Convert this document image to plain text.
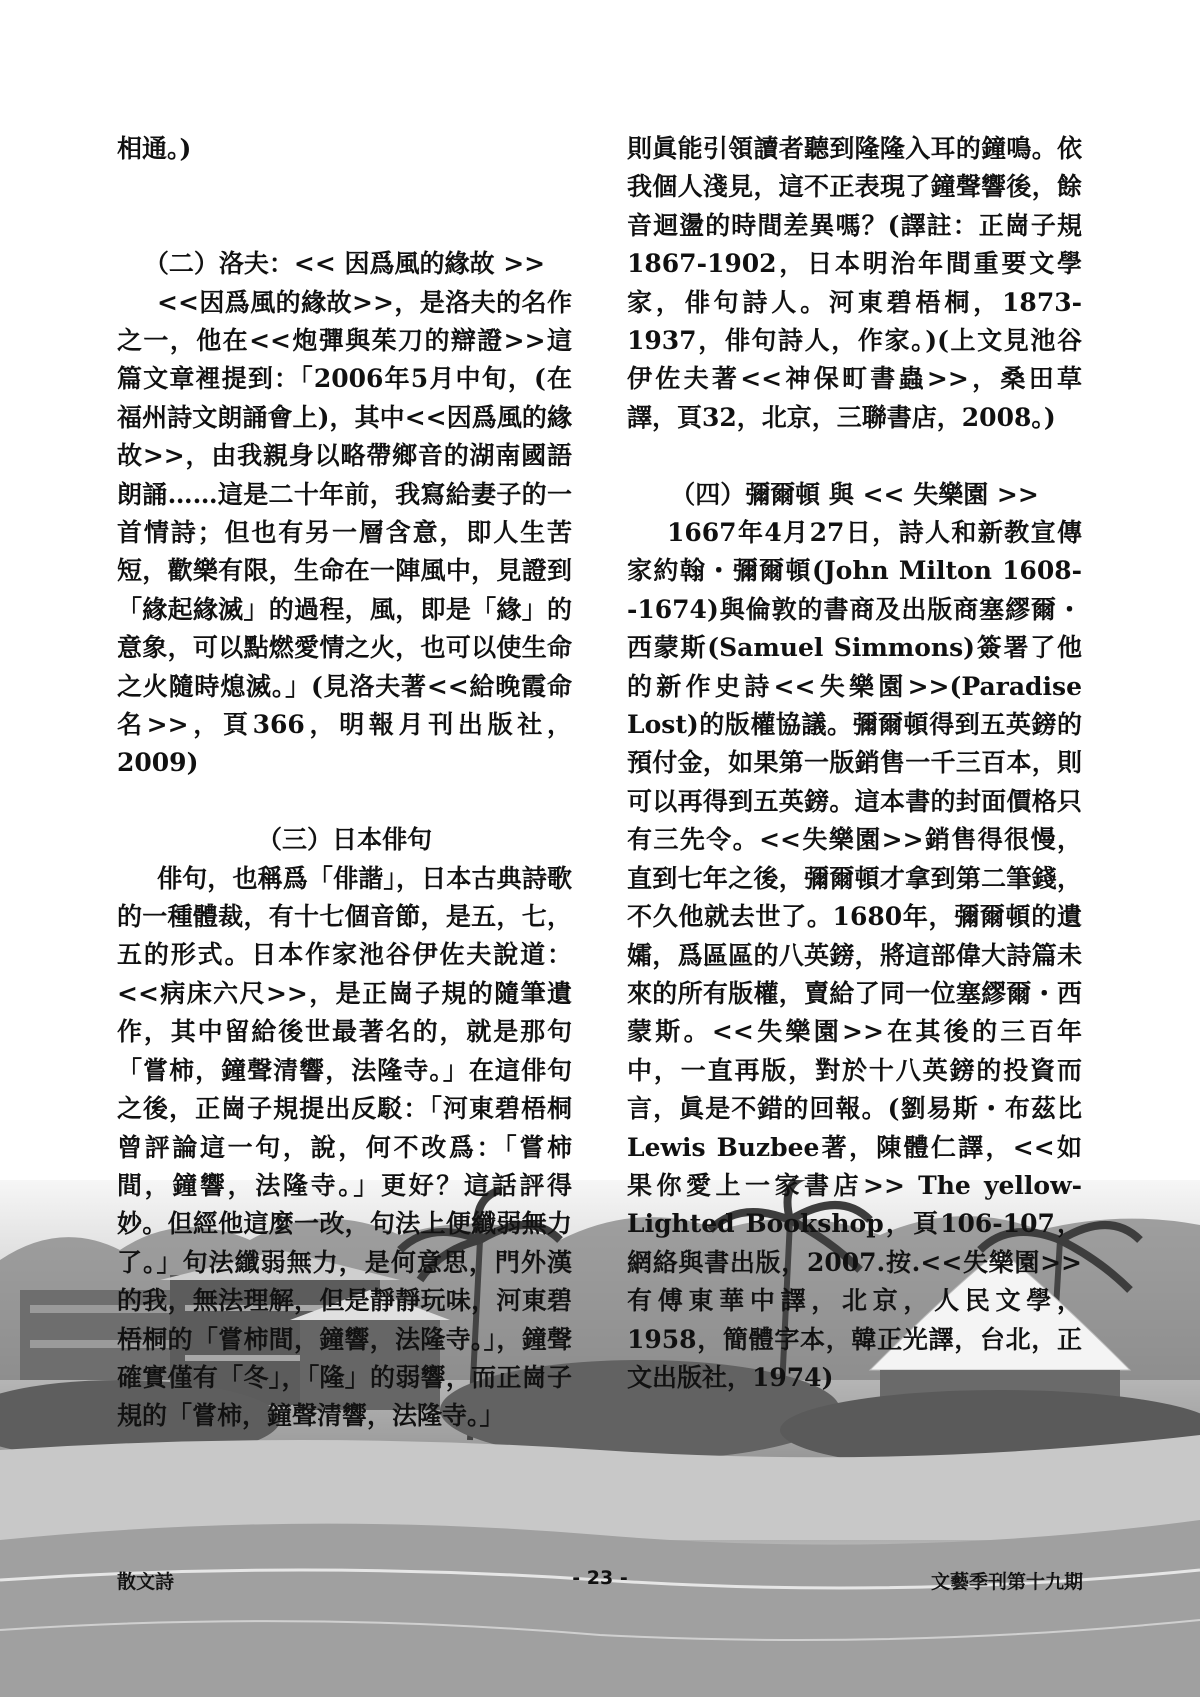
相通。)

（二）洛夫：<< 因爲風的緣故 >>

<<因爲風的緣故>>，是洛夫的名作之一，他在<<炮彈與茱刀的辯證>>這篇文章裡提到：「2006年5月中旬，(在福州詩文朗誦會上)，其中<<因爲風的緣故>>，由我親身以略帶鄉音的湖南國語朗誦……這是二十年前，我寫給妻子的一首情詩；但也有另一層含意，即人生苦短，歡樂有限，生命在一陣風中，見證到「緣起緣滅」的過程，風，即是「緣」的意象，可以點燃愛情之火，也可以使生命之火隨時熄滅。」(見洛夫著<<給晚霞命名>>，頁366，明報月刊出版社，2009)

（三）日本俳句

俳句，也稱爲「俳諧」，日本古典詩歌的一種體裁，有十七個音節，是五，七，五的形式。日本作家池谷伊佐夫說道：<<病床六尺>>，是正崗子規的隨筆遺作，其中留給後世最著名的，就是那句「嘗柿，鐘聲清響，法隆寺。」在這俳句之後，正崗子規提出反駁：「河東碧梧桐曾評論這一句，說，何不改爲：「嘗柿間，鐘響，法隆寺。」更好？這話評得妙。但經他這麼一改，句法上便纖弱無力了。」句法纖弱無力，是何意思，門外漢的我，無法理解，但是靜靜玩味，河東碧梧桐的「嘗柿間，鐘響，法隆寺。」，鐘聲確實僅有「冬」，「隆」的弱響，而正崗子規的「嘗柿，鐘聲清響，法隆寺。」

則眞能引領讀者聽到隆隆入耳的鐘鳴。依我個人淺見，這不正表現了鐘聲響後，餘音迴盪的時間差異嗎？(譯註：正崗子規1867-1902，日本明治年間重要文學家，俳句詩人。河東碧梧桐，1873-1937，俳句詩人，作家。)(上文見池谷伊佐夫著<<神保町書蟲>>，桑田草譯，頁32，北京，三聯書店，2008。)

（四）彌爾頓 與 << 失樂園 >>

1667年4月27日，詩人和新教宣傳家約翰・彌爾頓(John Milton 1608--1674)與倫敦的書商及出版商塞繆爾・西蒙斯(Samuel Simmons)簽署了他的新作史詩<<失樂園>>(Paradise Lost)的版權協議。彌爾頓得到五英鎊的預付金，如果第一版銷售一千三百本，則可以再得到五英鎊。這本書的封面價格只有三先令。<<失樂園>>銷售得很慢，直到七年之後，彌爾頓才拿到第二筆錢，不久他就去世了。1680年，彌爾頓的遺孀，爲區區的八英鎊，將這部偉大詩篇未來的所有版權，賣給了同一位塞繆爾・西蒙斯。<<失樂園>>在其後的三百年中，一直再版，對於十八英鎊的投資而言，眞是不錯的回報。(劉易斯・布茲比 Lewis Buzbee著，陳體仁譯，<<如果你愛上一家書店>> The yellow-Lighted Bookshop，頁106-107，網絡與書出版，2007.按.<<失樂園>>有傅東華中譯，北京，人民文學，1958，簡體字本，韓正光譯，台北，正文出版社，1974)

散文詩	- 23 -	文藝季刊第十九期
